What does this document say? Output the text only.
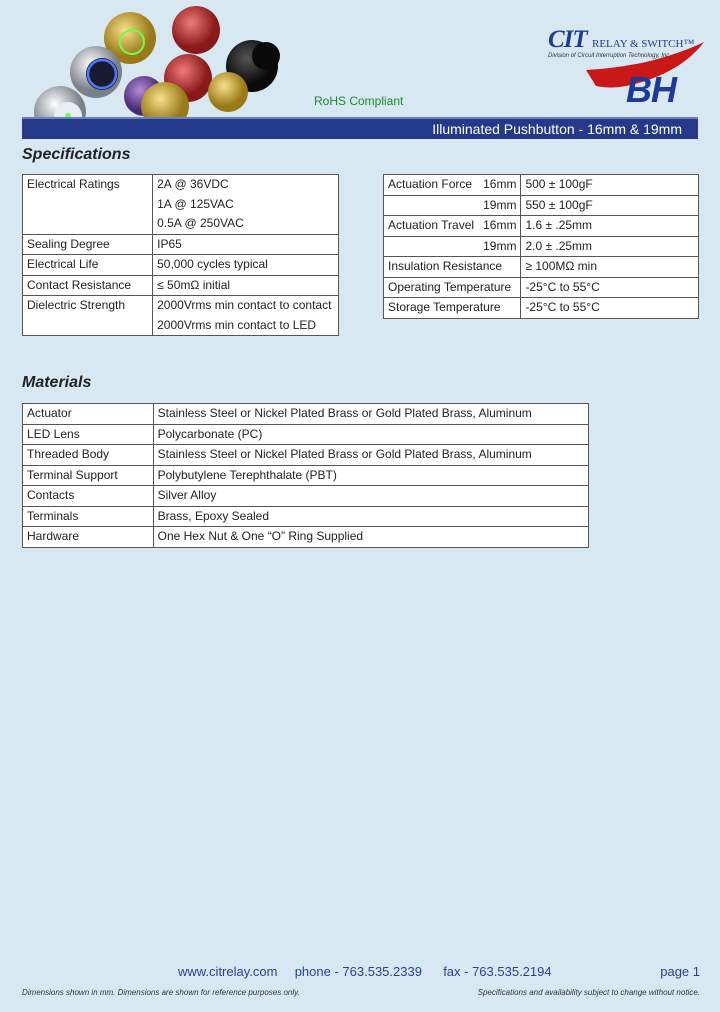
CIT RELAY & SWITCH™
Division of Circuit Interruption Technology, Inc.
BH
RoHS Compliant
Illuminated Pushbutton - 16mm & 19mm
Specifications
Electrical Ratings	2A @ 36VDC
	1A @ 125VAC
	0.5A @ 250VAC
Sealing Degree	IP65
Electrical Life	50,000 cycles typical
Contact Resistance	≤ 50mΩ initial
Dielectric Strength	2000Vrms min contact to contact
	2000Vrms min contact to LED
Actuation Force	16mm	500 ± 100gF
	19mm	550 ± 100gF
Actuation Travel	16mm	1.6 ± .25mm
	19mm	2.0 ± .25mm
Insulation Resistance		≥ 100MΩ min
Operating Temperature		-25°C to 55°C
Storage Temperature		-25°C to 55°C
Materials
Actuator	Stainless Steel or Nickel Plated Brass or Gold Plated Brass, Aluminum
LED Lens	Polycarbonate (PC)
Threaded Body	Stainless Steel or Nickel Plated Brass or Gold Plated Brass, Aluminum
Terminal Support	Polybutylene Terephthalate (PBT)
Contacts	Silver Alloy
Terminals	Brass, Epoxy Sealed
Hardware	One Hex Nut & One “O” Ring Supplied
www.citrelay.com phone - 763.535.2339 fax - 763.535.2194	page 1
Dimensions shown in mm. Dimensions are shown for reference purposes only.	Specifications and availability subject to change without notice.
